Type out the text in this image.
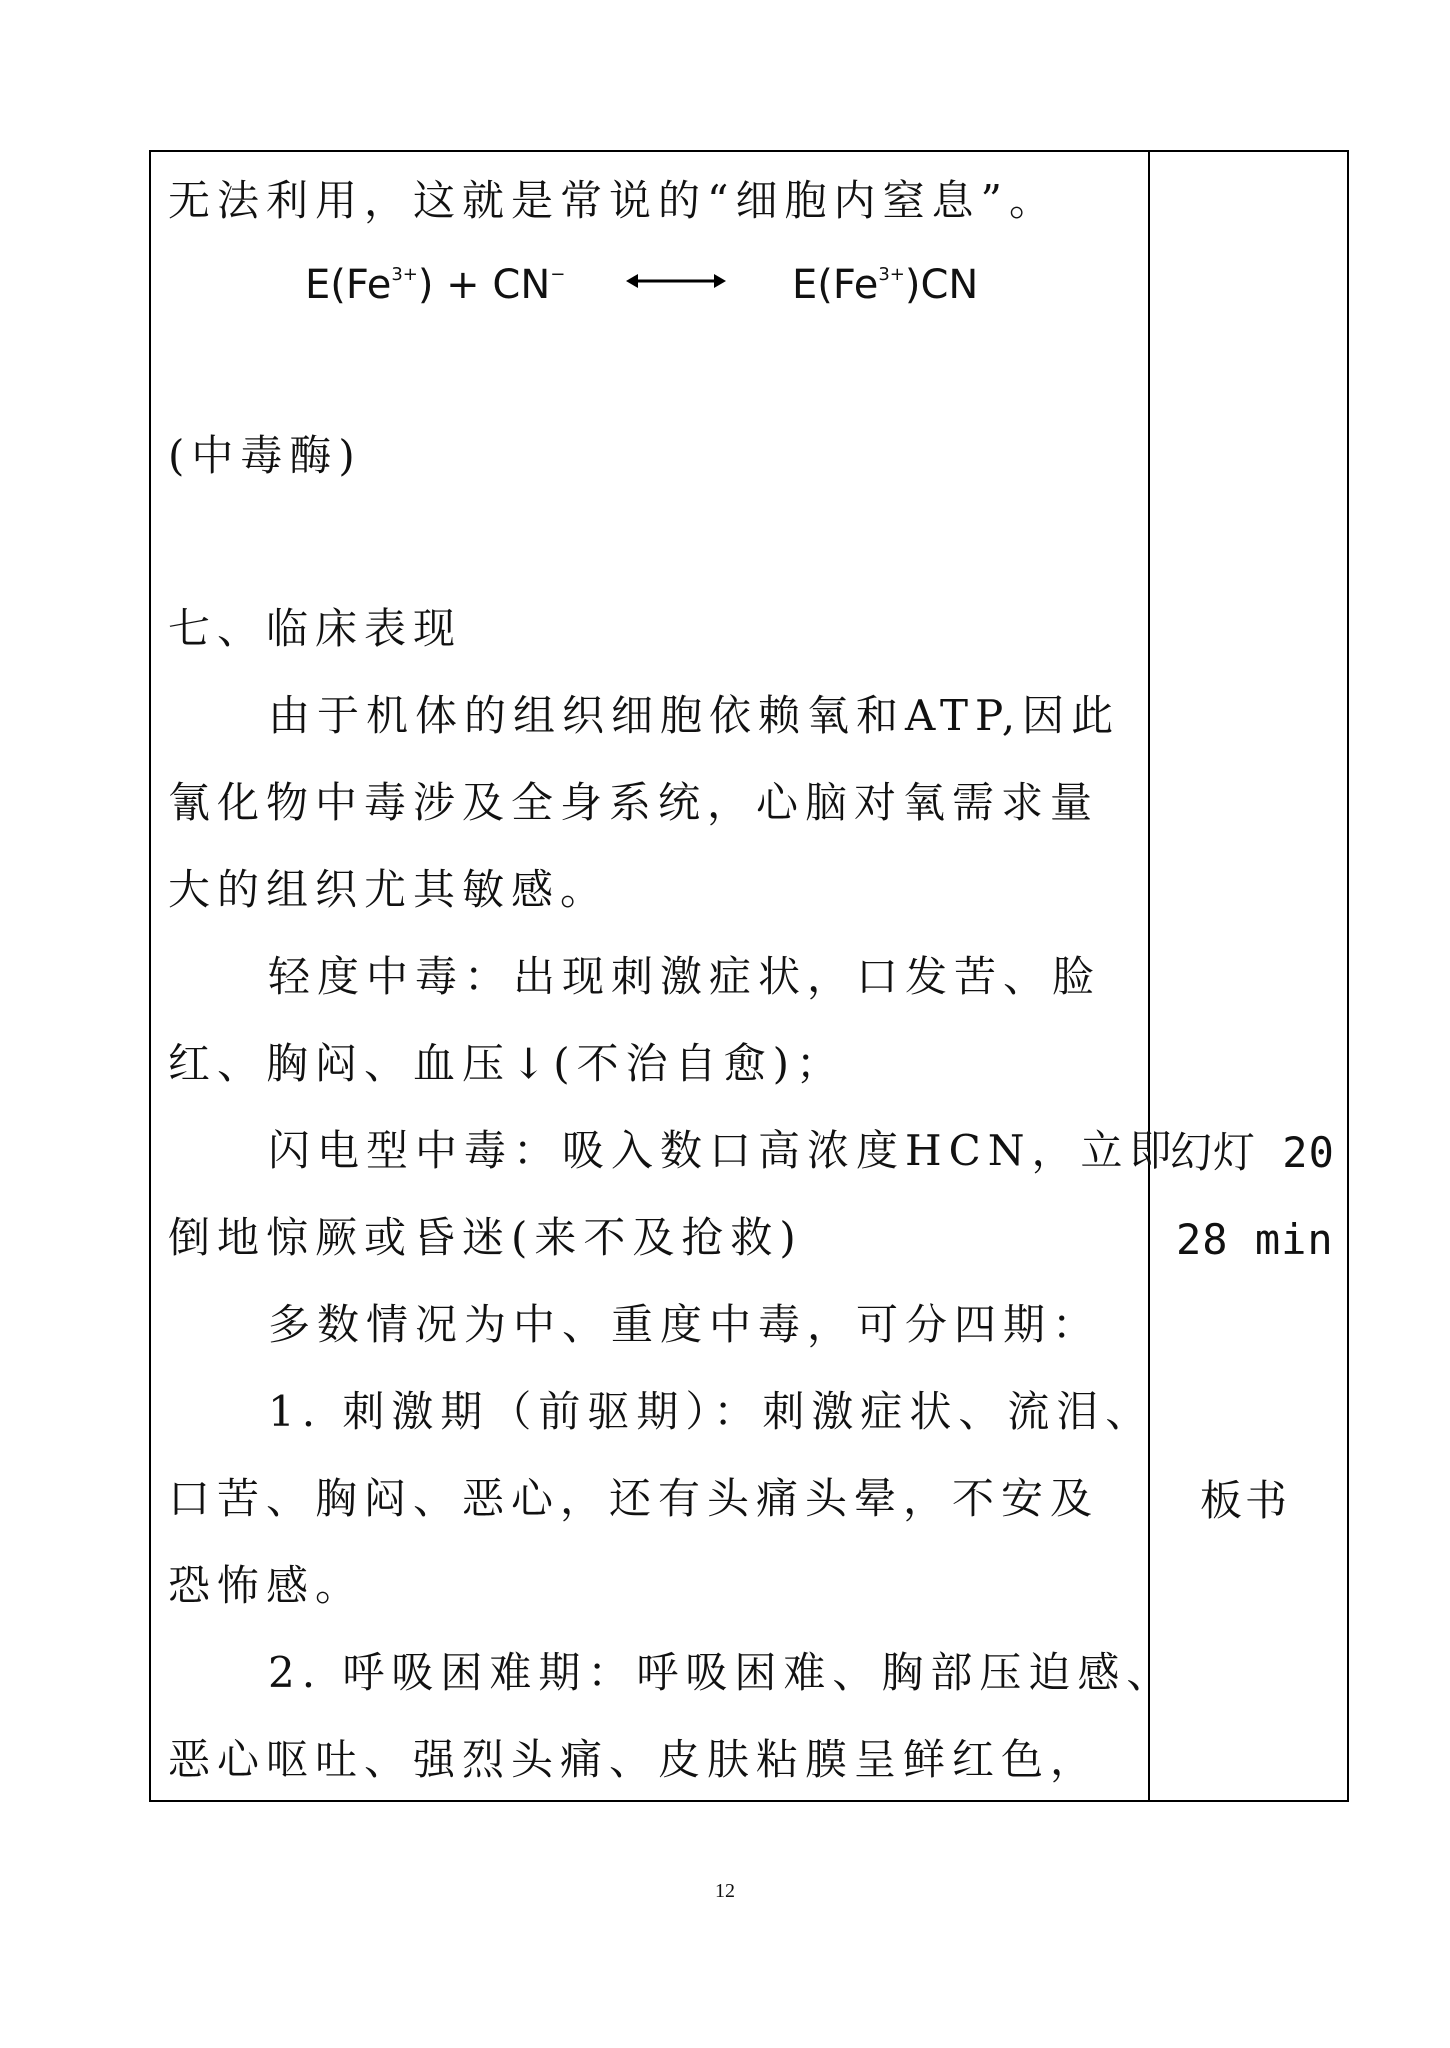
无法利用，这就是常说的“细胞内窒息”。
$E(Fe^{3+}) + CN^-$	$E(Fe^{3+})CN$
(中毒酶)
七、临床表现
由于机体的组织细胞依赖氧和ATP,因此
氰化物中毒涉及全身系统，心脑对氧需求量
大的组织尤其敏感。
轻度中毒：出现刺激症状，口发苦、脸
红、胸闷、血压↓(不治自愈)；
闪电型中毒：吸入数口高浓度HCN，立即
倒地惊厥或昏迷(来不及抢救)
多数情况为中、重度中毒，可分四期：
1. 刺激期（前驱期）：刺激症状、流泪、
口苦、胸闷、恶心，还有头痛头晕，不安及
恐怖感。
2. 呼吸困难期：呼吸困难、胸部压迫感、
恶心呕吐、强烈头痛、皮肤粘膜呈鲜红色，
幻灯 20
28 min
板书
12
